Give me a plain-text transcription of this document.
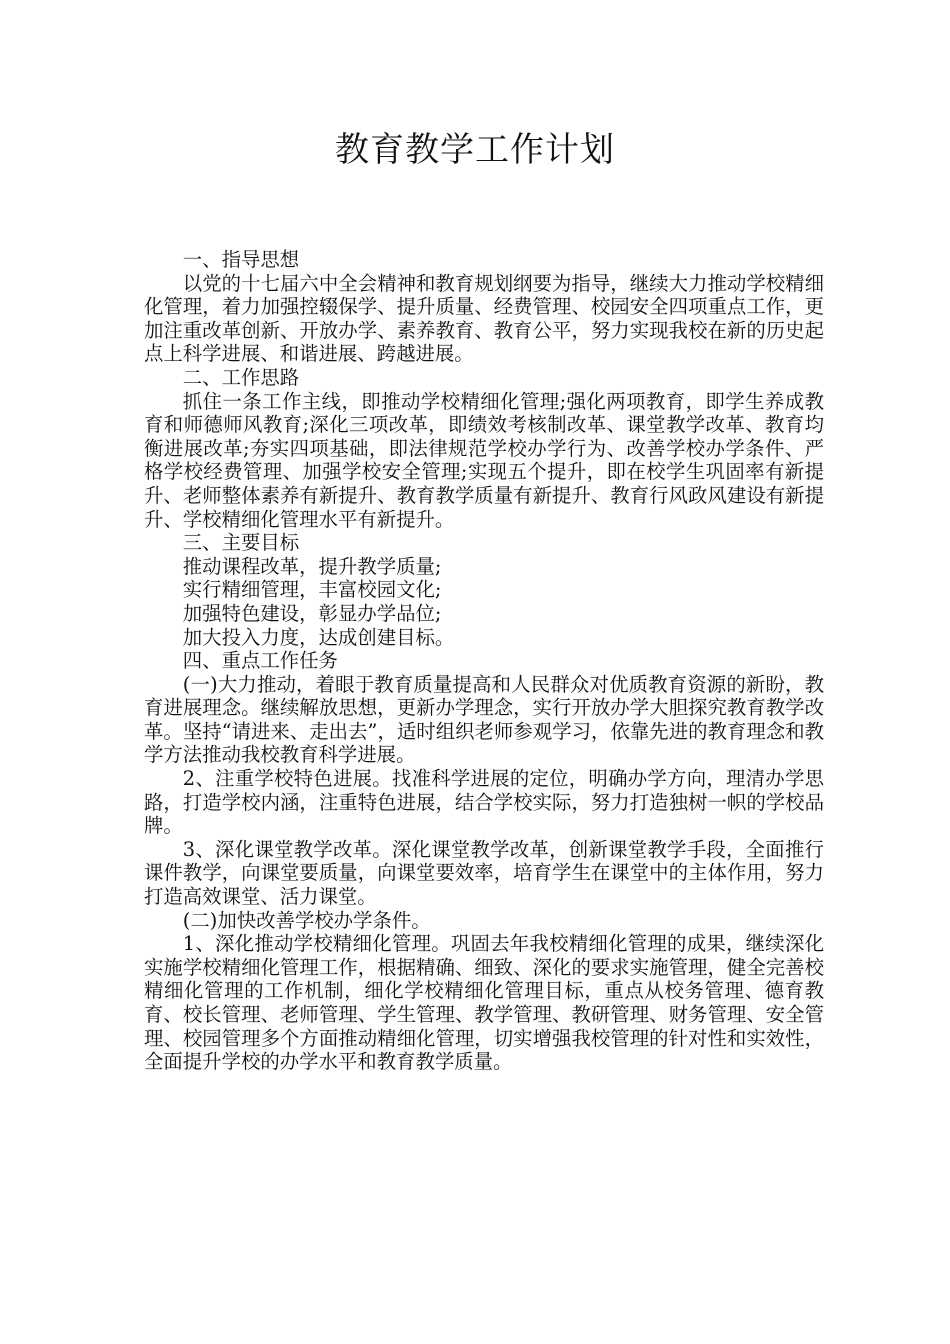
教育教学工作计划

一、指导思想

以党的十七届六中全会精神和教育规划纲要为指导，继续大力推动学校精细化管理，着力加强控辍保学、提升质量、经费管理、校园安全四项重点工作，更加注重改革创新、开放办学、素养教育、教育公平，努力实现我校在新的历史起点上科学进展、和谐进展、跨越进展。

二、工作思路

抓住一条工作主线，即推动学校精细化管理;强化两项教育，即学生养成教育和师德师风教育;深化三项改革，即绩效考核制改革、课堂教学改革、教育均衡进展改革;夯实四项基础，即法律规范学校办学行为、改善学校办学条件、严格学校经费管理、加强学校安全管理;实现五个提升，即在校学生巩固率有新提升、老师整体素养有新提升、教育教学质量有新提升、教育行风政风建设有新提升、学校精细化管理水平有新提升。

三、主要目标

推动课程改革，提升教学质量;

实行精细管理，丰富校园文化;

加强特色建设，彰显办学品位;

加大投入力度，达成创建目标。

四、重点工作任务

(一)大力推动，着眼于教育质量提高和人民群众对优质教育资源的新盼，教育进展理念。继续解放思想，更新办学理念，实行开放办学大胆探究教育教学改革。坚持“请进来、走出去”，适时组织老师参观学习，依靠先进的教育理念和教学方法推动我校教育科学进展。

2、注重学校特色进展。找准科学进展的定位，明确办学方向，理清办学思路，打造学校内涵，注重特色进展，结合学校实际，努力打造独树一帜的学校品牌。

3、深化课堂教学改革。深化课堂教学改革，创新课堂教学手段，全面推行课件教学，向课堂要质量，向课堂要效率，培育学生在课堂中的主体作用，努力打造高效课堂、活力课堂。

(二)加快改善学校办学条件。

1、深化推动学校精细化管理。巩固去年我校精细化管理的成果，继续深化实施学校精细化管理工作，根据精确、细致、深化的要求实施管理，健全完善校精细化管理的工作机制，细化学校精细化管理目标，重点从校务管理、德育教育、校长管理、老师管理、学生管理、教学管理、教研管理、财务管理、安全管理、校园管理多个方面推动精细化管理，切实增强我校管理的针对性和实效性，全面提升学校的办学水平和教育教学质量。
